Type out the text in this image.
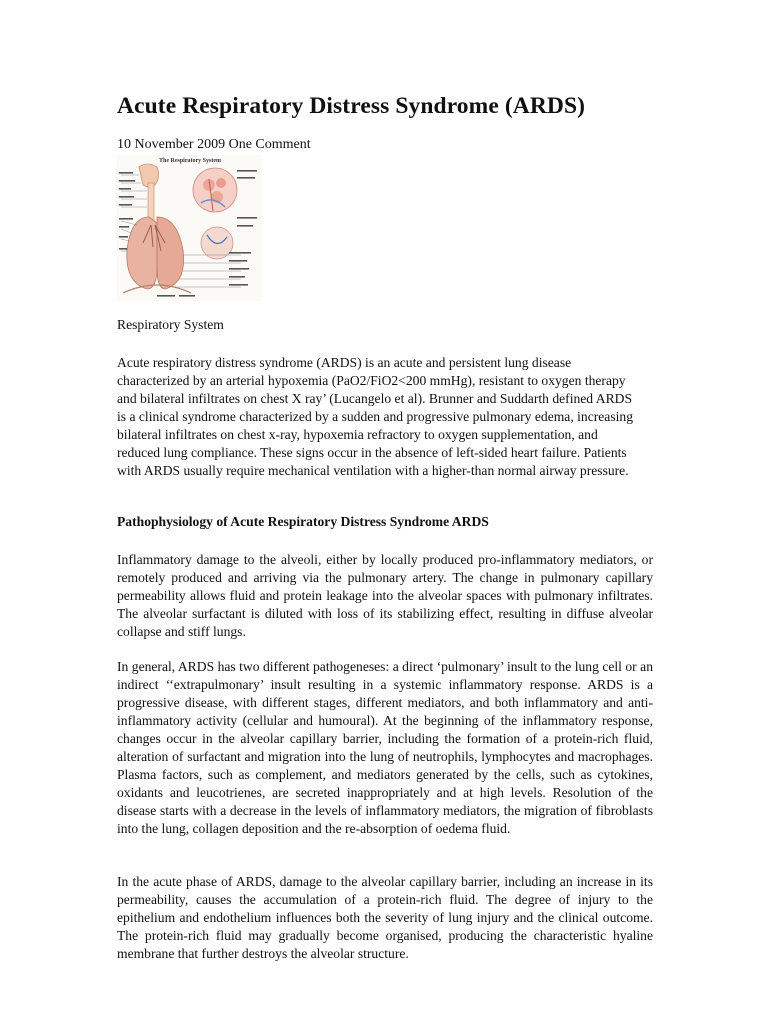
Acute Respiratory Distress Syndrome (ARDS)
10 November 2009 One Comment
The Respiratory System
Respiratory System

Acute respiratory distress syndrome (ARDS) is an acute and persistent lung disease characterized by an arterial hypoxemia (PaO2/FiO2<200 mmHg), resistant to oxygen therapy and bilateral infiltrates on chest X ray’ (Lucangelo et al). Brunner and Suddarth defined ARDS is a clinical syndrome characterized by a sudden and progressive pulmonary edema, increasing bilateral infiltrates on chest x-ray, hypoxemia refractory to oxygen supplementation, and reduced lung compliance. These signs occur in the absence of left-sided heart failure. Patients with ARDS usually require mechanical ventilation with a higher-than normal airway pressure.

Pathophysiology of Acute Respiratory Distress Syndrome ARDS

Inflammatory damage to the alveoli, either by locally produced pro-inflammatory mediators, or remotely produced and arriving via the pulmonary artery. The change in pulmonary capillary permeability allows fluid and protein leakage into the alveolar spaces with pulmonary infiltrates. The alveolar surfactant is diluted with loss of its stabilizing effect, resulting in diffuse alveolar collapse and stiff lungs.

In general, ARDS has two different pathogeneses: a direct ‘pulmonary’ insult to the lung cell or an indirect ‘‘extrapulmonary’ insult resulting in a systemic inflammatory response. ARDS is a progressive disease, with different stages, different mediators, and both inflammatory and anti-inflammatory activity (cellular and humoural). At the beginning of the inflammatory response, changes occur in the alveolar capillary barrier, including the formation of a protein-rich fluid, alteration of surfactant and migration into the lung of neutrophils, lymphocytes and macrophages. Plasma factors, such as complement, and mediators generated by the cells, such as cytokines, oxidants and leucotrienes, are secreted inappropriately and at high levels. Resolution of the disease starts with a decrease in the levels of inflammatory mediators, the migration of fibroblasts into the lung, collagen deposition and the re-absorption of oedema fluid.

In the acute phase of ARDS, damage to the alveolar capillary barrier, including an increase in its permeability, causes the accumulation of a protein-rich fluid. The degree of injury to the epithelium and endothelium influences both the severity of lung injury and the clinical outcome. The protein-rich fluid may gradually become organised, producing the characteristic hyaline membrane that further destroys the alveolar structure.
